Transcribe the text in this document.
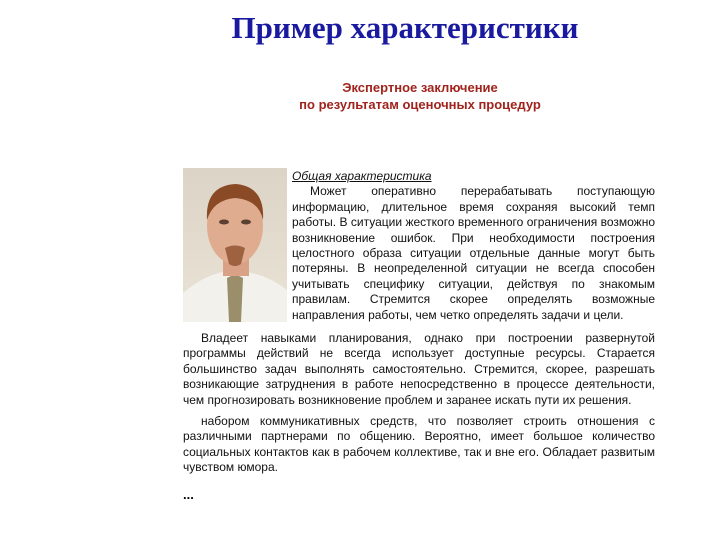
Пример характеристики
Экспертное заключение
по результатам оценочных процедур
Общая характеристика

Может оперативно перерабатывать поступающую информацию, длительное время сохраняя высокий темп работы. В ситуации жесткого временного ограничения возможно возникновение ошибок. При необходимости построения целостного образа ситуации отдельные данные могут быть потеряны. В неопределенной ситуации не всегда способен учитывать специфику ситуации, действуя по знакомым правилам. Стремится скорее определять возможные направления работы, чем четко определять задачи и цели.

Владеет навыками планирования, однако при построении развернутой программы действий не всегда использует доступные ресурсы. Старается большинство задач выполнять самостоятельно. Стремится, скорее, разрешать возникающие затруднения в работе непосредственно в процессе деятельности, чем прогнозировать возникновение проблем и заранее искать пути их решения.

набором коммуникативных средств, что позволяет строить отношения с различными партнерами по общению. Вероятно, имеет большое количество социальных контактов как в рабочем коллективе, так и вне его. Обладает развитым чувством юмора.

...
